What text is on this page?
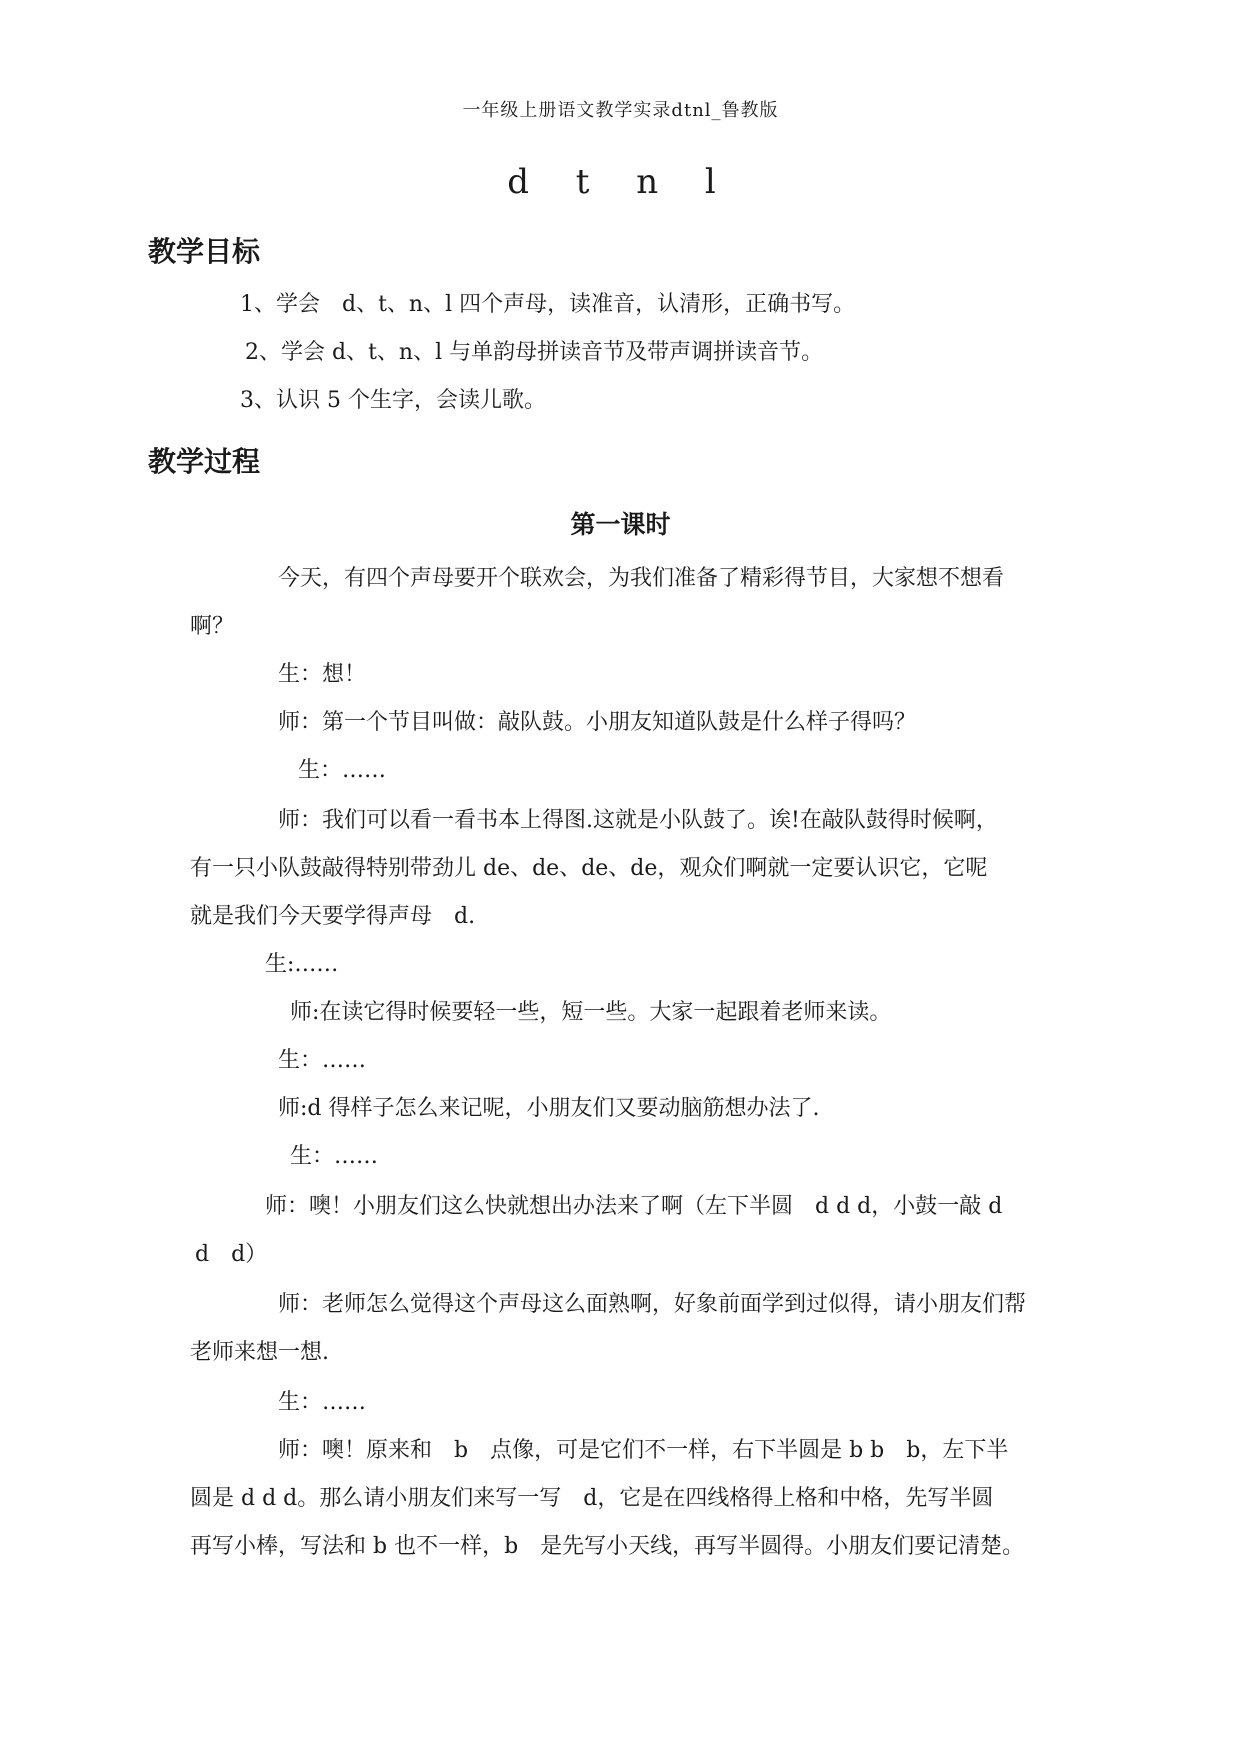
一年级上册语文教学实录dtnl_鲁教版
d t n l
教学目标
1、学会　d、t、n、l 四个声母，读准音，认清形，正确书写。
2、学会 d、t、n、l 与单韵母拼读音节及带声调拼读音节。
3、认识 5 个生字，会读儿歌。
教学过程
第一课时
今天，有四个声母要开个联欢会，为我们准备了精彩得节目，大家想不想看
啊？
生：想！
师：第一个节目叫做：敲队鼓。小朋友知道队鼓是什么样子得吗？
生：……
师：我们可以看一看书本上得图.这就是小队鼓了。诶!在敲队鼓得时候啊，
有一只小队鼓敲得特别带劲儿 de、de、de、de，观众们啊就一定要认识它，它呢
就是我们今天要学得声母　d.
生:……
师:在读它得时候要轻一些，短一些。大家一起跟着老师来读。
生：……
师:d 得样子怎么来记呢，小朋友们又要动脑筋想办法了.
生：……
师：噢！小朋友们这么快就想出办法来了啊（左下半圆　d d d，小鼓一敲 d
d　d）
师：老师怎么觉得这个声母这么面熟啊，好象前面学到过似得，请小朋友们帮
老师来想一想.
生：……
师：噢！原来和　b　点像，可是它们不一样，右下半圆是 b b　b，左下半
圆是 d d d。那么请小朋友们来写一写　d，它是在四线格得上格和中格，先写半圆
再写小棒，写法和 b 也不一样，b　是先写小天线，再写半圆得。小朋友们要记清楚。
